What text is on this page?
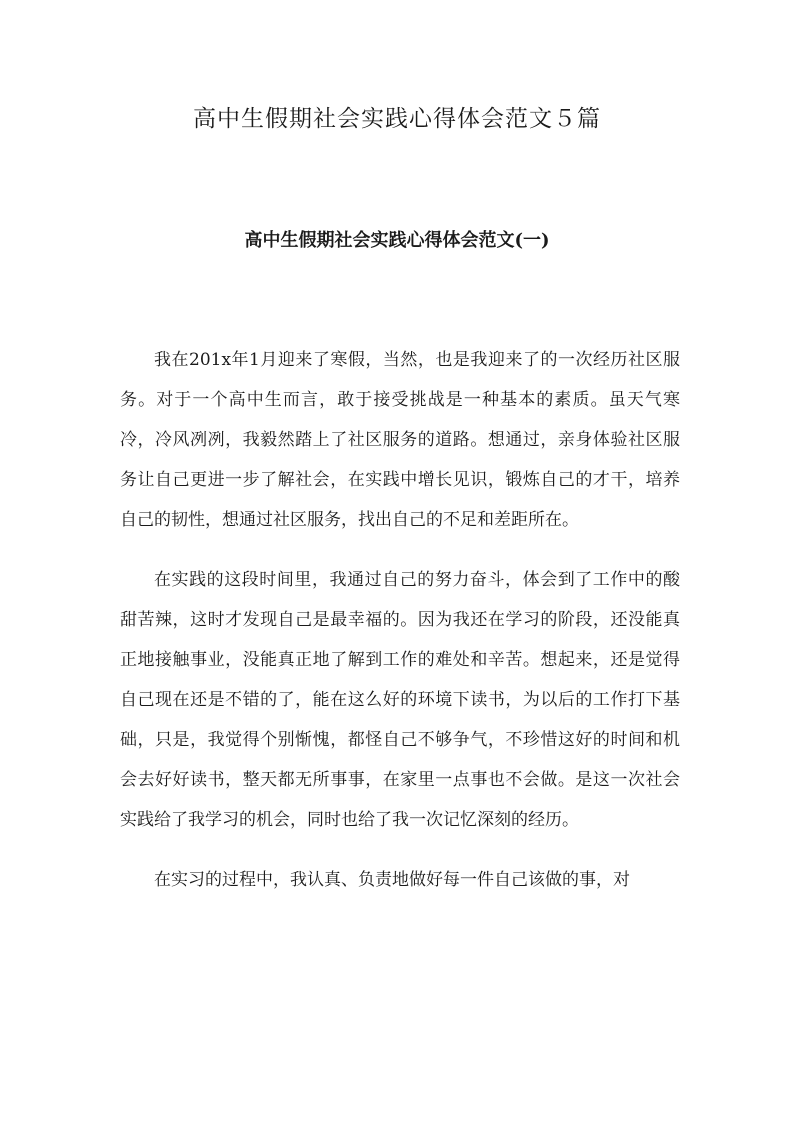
高中生假期社会实践心得体会范文５篇
高中生假期社会实践心得体会范文(一)

我在201x年1月迎来了寒假，当然，也是我迎来了的一次经历社区服务。对于一个高中生而言，敢于接受挑战是一种基本的素质。虽天气寒冷，冷风冽冽，我毅然踏上了社区服务的道路。想通过，亲身体验社区服务让自己更进一步了解社会，在实践中增长见识，锻炼自己的才干，培养自己的韧性，想通过社区服务，找出自己的不足和差距所在。

在实践的这段时间里，我通过自己的努力奋斗，体会到了工作中的酸甜苦辣，这时才发现自己是最幸福的。因为我还在学习的阶段，还没能真正地接触事业，没能真正地了解到工作的难处和辛苦。想起来，还是觉得自己现在还是不错的了，能在这么好的环境下读书，为以后的工作打下基础，只是，我觉得个别惭愧，都怪自己不够争气，不珍惜这好的时间和机会去好好读书，整天都无所事事，在家里一点事也不会做。是这一次社会实践给了我学习的机会，同时也给了我一次记忆深刻的经历。

在实习的过程中，我认真、负责地做好每一件自己该做的事，对
